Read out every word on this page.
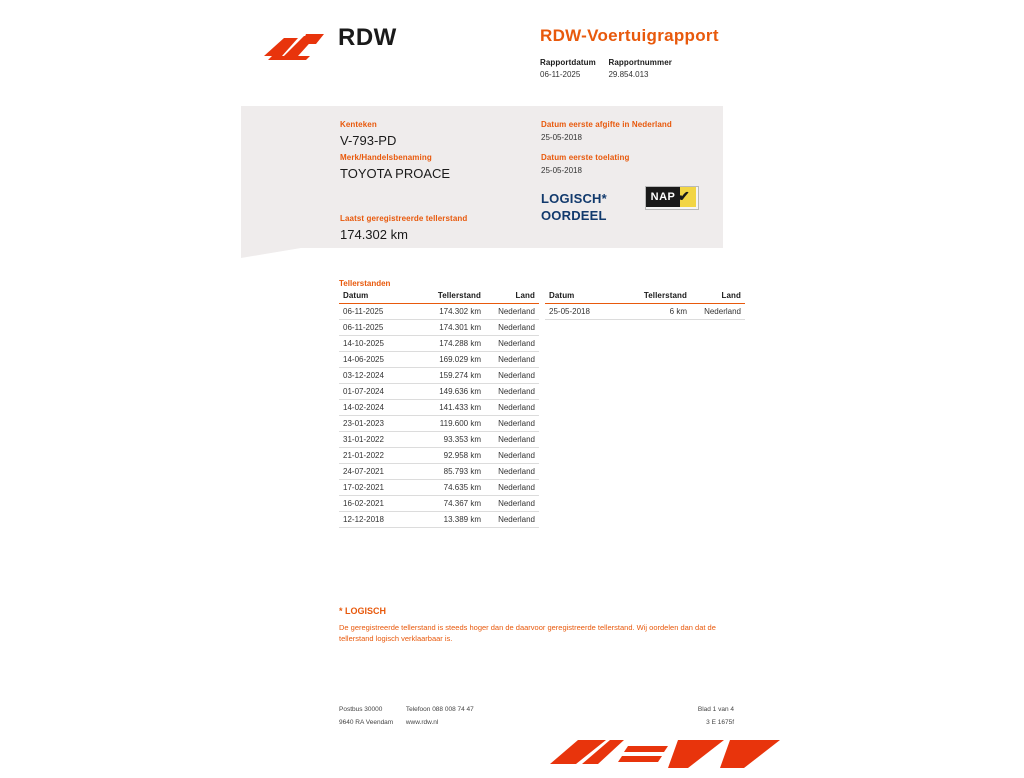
RDW	RDW-Voertuigrapport
Rapportdatum
06-11-2025

Rapportnummer
29.854.013
Kenteken
V-793-PD
Merk/Handelsbenaming
TOYOTA PROACE
Laatst geregistreerde tellerstand
174.302 km
Datum eerste afgifte in Nederland
25-05-2018
Datum eerste toelating
25-05-2018
LOGISCH*
OORDEEL
NAP ✔
Tellerstanden
Datum	Tellerstand	Land
06-11-2025	174.302 km	Nederland
06-11-2025	174.301 km	Nederland
14-10-2025	174.288 km	Nederland
14-06-2025	169.029 km	Nederland
03-12-2024	159.274 km	Nederland
01-07-2024	149.636 km	Nederland
14-02-2024	141.433 km	Nederland
23-01-2023	119.600 km	Nederland
31-01-2022	93.353 km	Nederland
21-01-2022	92.958 km	Nederland
24-07-2021	85.793 km	Nederland
17-02-2021	74.635 km	Nederland
16-02-2021	74.367 km	Nederland
12-12-2018	13.389 km	Nederland
Datum	Tellerstand	Land
25-05-2018	6 km	Nederland
* LOGISCH
De geregistreerde tellerstand is steeds hoger dan de daarvoor geregistreerde tellerstand. Wij oordelen dan dat de tellerstand logisch verklaarbaar is.
Postbus 30000
9640 RA Veendam

Telefoon 088 008 74 47
www.rdw.nl
Blad 1 van 4
3 E 1675f
